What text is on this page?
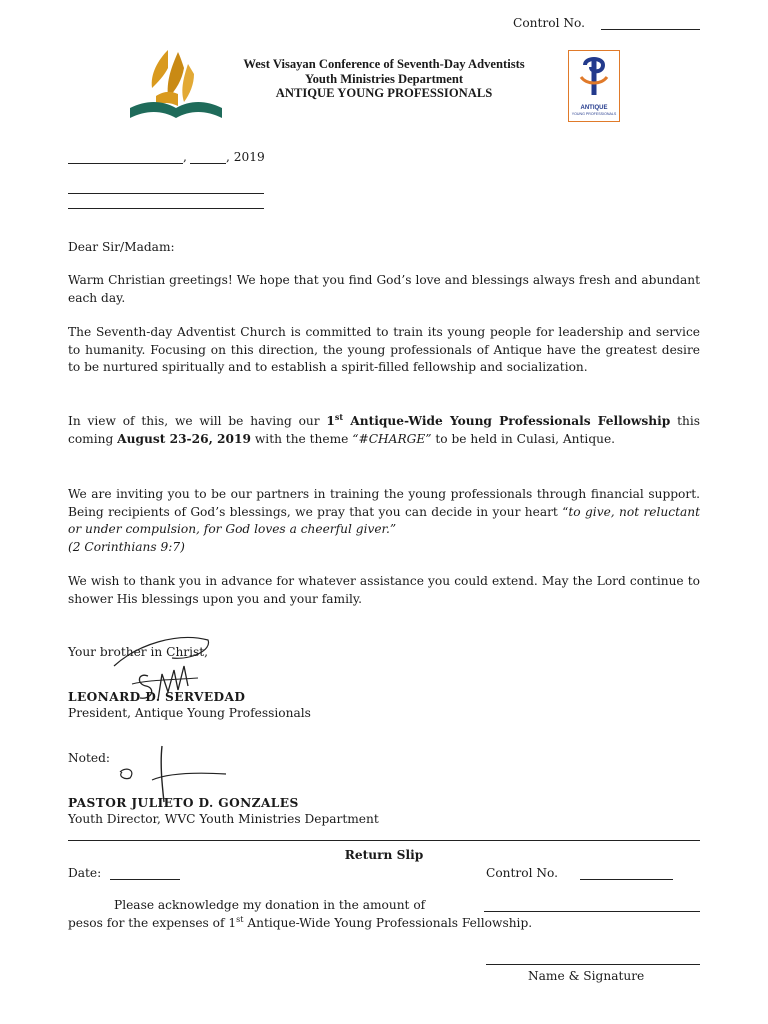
Control No.
West Visayan Conference of Seventh-Day Adventists
Youth Ministries Department
ANTIQUE YOUNG PROFESSIONALS
ANTIQUE
YOUNG PROFESSIONALS
,	, 2019
Dear Sir/Madam:

Warm Christian greetings! We hope that you find God’s love and blessings always fresh and abundant each day.

The Seventh-day Adventist Church is committed to train its young people for leadership and service to humanity. Focusing on this direction, the young professionals of Antique have the greatest desire to be nurtured spiritually and to establish a spirit-filled fellowship and socialization.

In view of this, we will be having our 1st Antique-Wide Young Professionals Fellowship this coming August 23-26, 2019 with the theme “#CHARGE” to be held in Culasi, Antique.

We are inviting you to be our partners in training the young professionals through financial support. Being recipients of God’s blessings, we pray that you can decide in your heart “to give, not reluctant or under compulsion, for God loves a cheerful giver.”
(2 Corinthians 9:7)

We wish to thank you in advance for whatever assistance you could extend. May the Lord continue to shower His blessings upon you and your family.

Your brother in Christ,
LEONARD D. SERVEDAD
President, Antique Young Professionals
Noted:
PASTOR JULIETO D. GONZALES
Youth Director, WVC Youth Ministries Department
Return Slip
Date:	Control No.
Please acknowledge my donation in the amount of
pesos for the expenses of 1st Antique-Wide Young Professionals Fellowship.
Name & Signature
